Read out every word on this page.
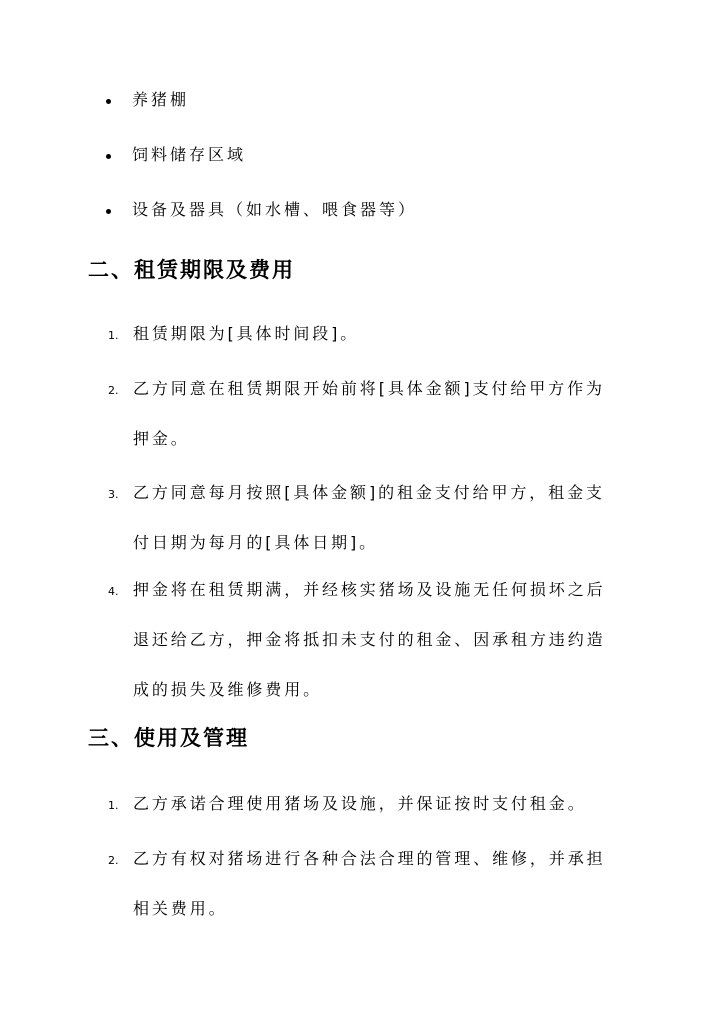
养猪棚
饲料储存区域
设备及器具（如水槽、喂食器等）
二、租赁期限及费用
1. 租赁期限为[具体时间段]。
2. 乙方同意在租赁期限开始前将[具体金额]支付给甲方作为押金。
3. 乙方同意每月按照[具体金额]的租金支付给甲方，租金支付日期为每月的[具体日期]。
4. 押金将在租赁期满，并经核实猪场及设施无任何损坏之后退还给乙方，押金将抵扣未支付的租金、因承租方违约造成的损失及维修费用。
三、使用及管理
1. 乙方承诺合理使用猪场及设施，并保证按时支付租金。
2. 乙方有权对猪场进行各种合法合理的管理、维修，并承担相关费用。
